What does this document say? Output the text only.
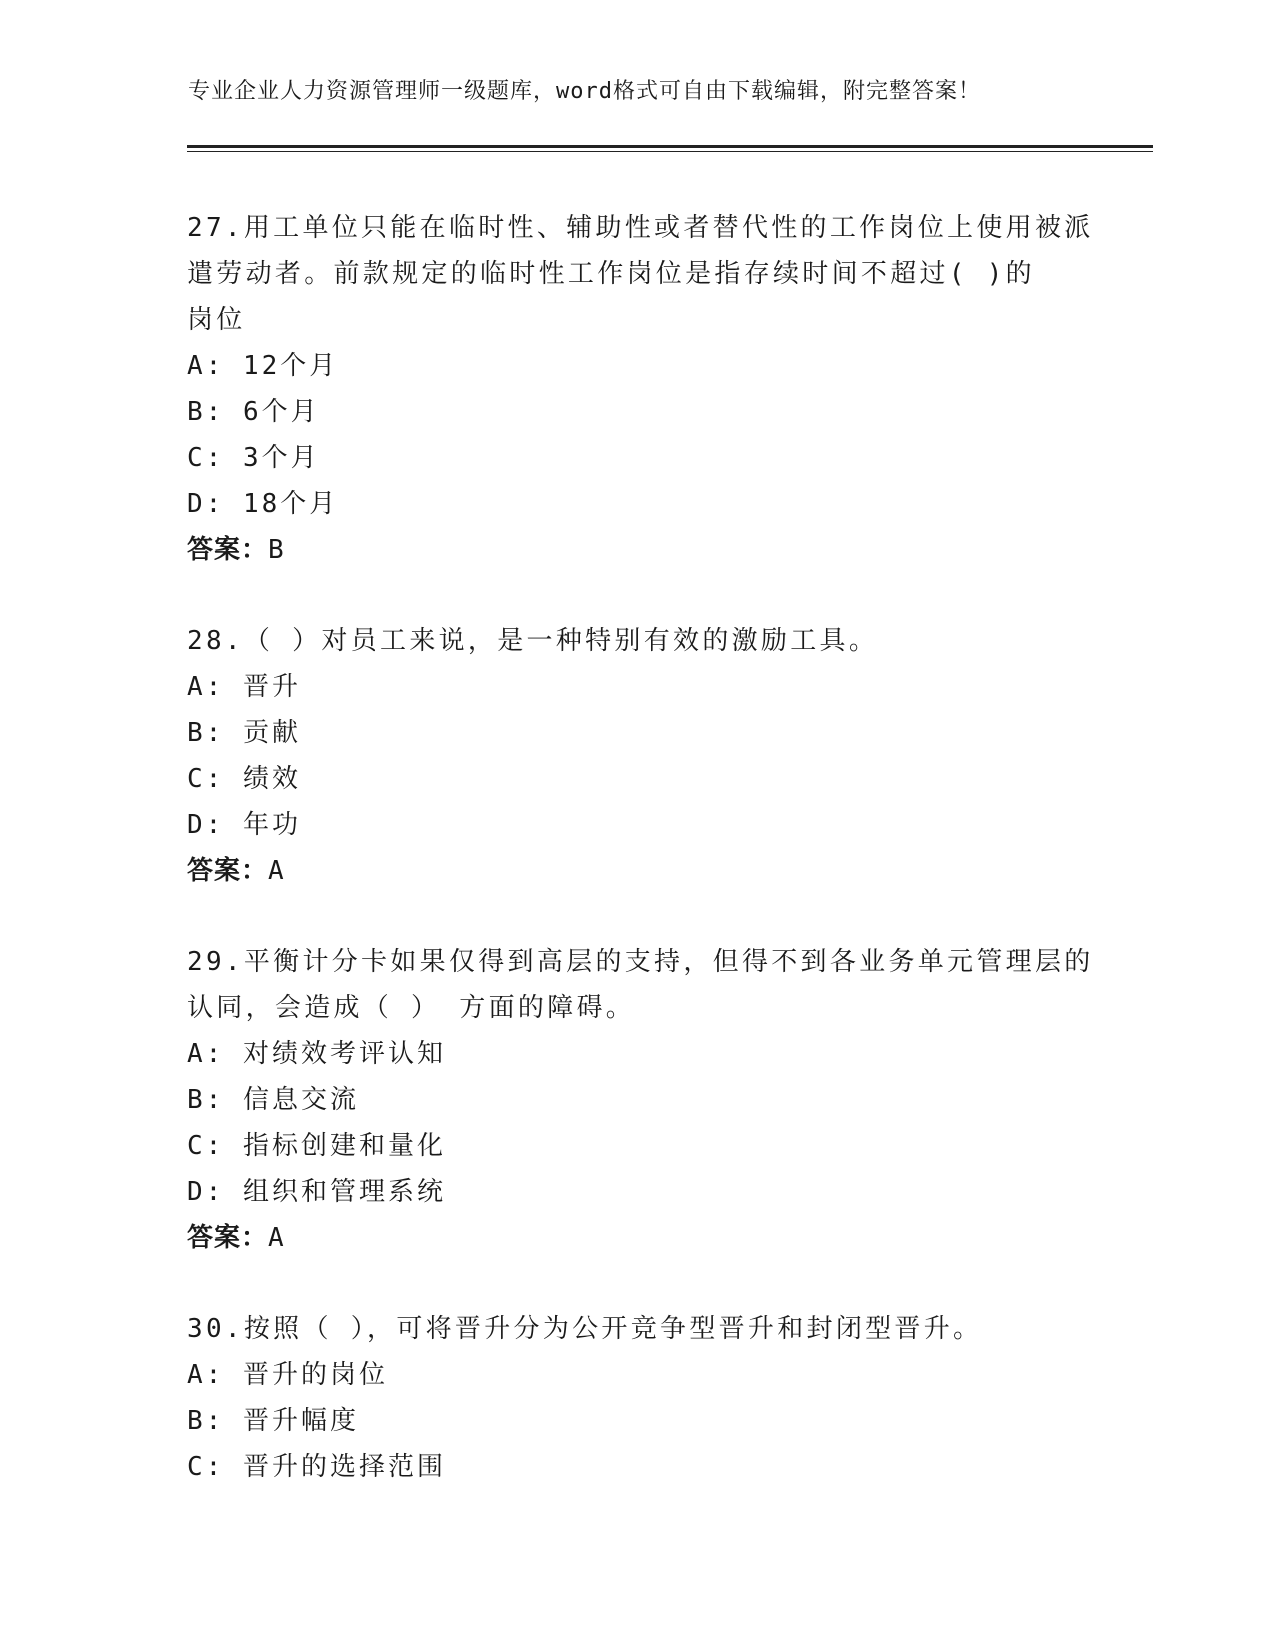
专业企业人力资源管理师一级题库，word格式可自由下载编辑，附完整答案！
27.用工单位只能在临时性、辅助性或者替代性的工作岗位上使用被派
遣劳动者。前款规定的临时性工作岗位是指存续时间不超过( )的
岗位
A: 12个月
B: 6个月
C: 3个月
D: 18个月
答案：B
28.（ ）对员工来说，是一种特别有效的激励工具。
A: 晋升
B: 贡献
C: 绩效
D: 年功
答案：A
29.平衡计分卡如果仅得到高层的支持，但得不到各业务单元管理层的
认同，会造成（ ） 方面的障碍。
A: 对绩效考评认知
B: 信息交流
C: 指标创建和量化
D: 组织和管理系统
答案：A
30.按照（ ），可将晋升分为公开竞争型晋升和封闭型晋升。
A: 晋升的岗位
B: 晋升幅度
C: 晋升的选择范围
